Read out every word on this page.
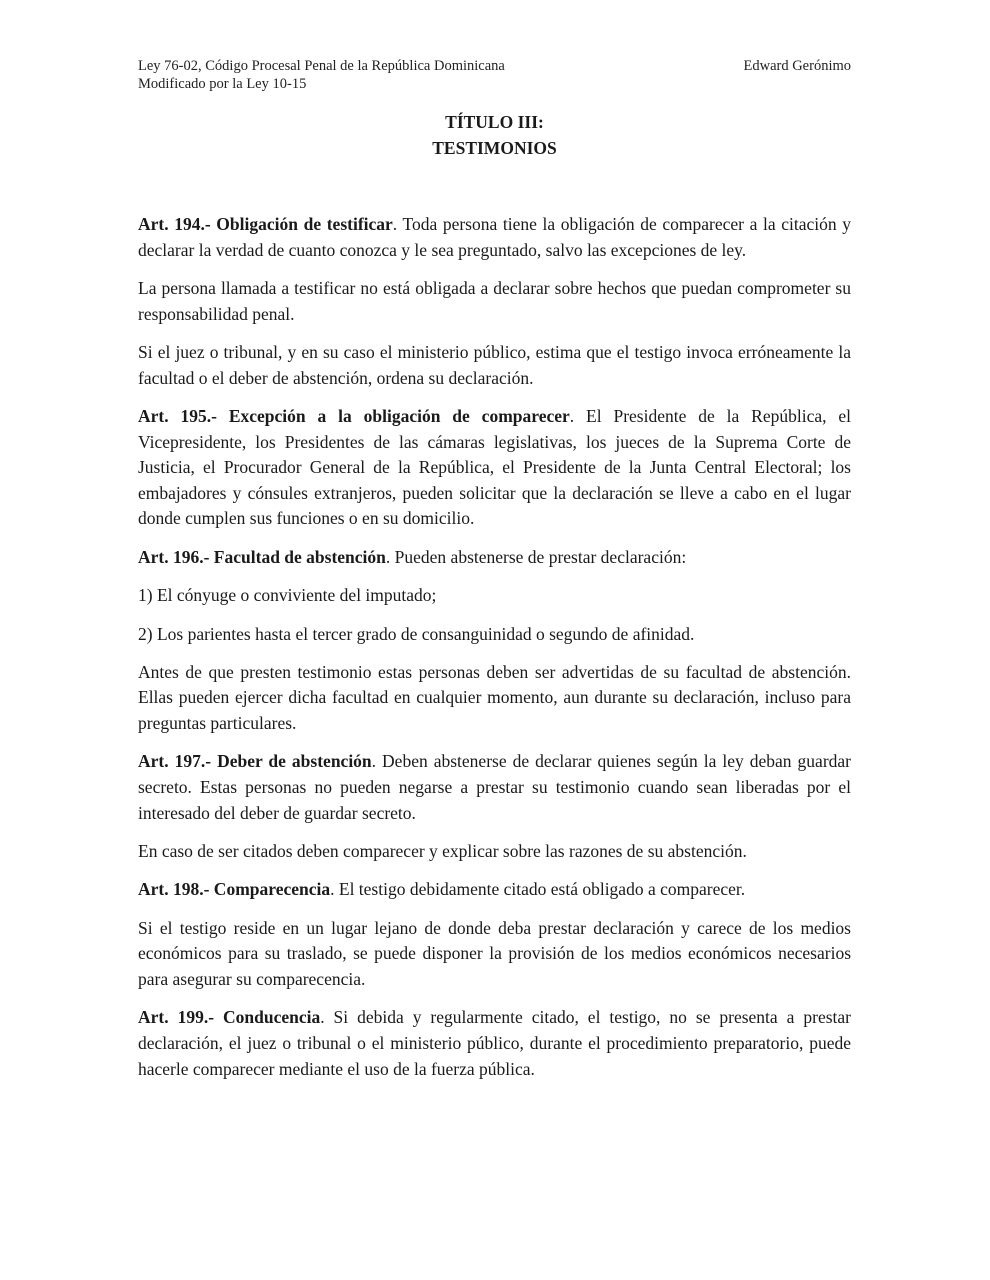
Ley 76-02, Código Procesal Penal de la República Dominicana	Edward Gerónimo
Modificado por la Ley 10-15
TÍTULO III:
TESTIMONIOS

Art. 194.- Obligación de testificar. Toda persona tiene la obligación de comparecer a la citación y declarar la verdad de cuanto conozca y le sea preguntado, salvo las excepciones de ley.

La persona llamada a testificar no está obligada a declarar sobre hechos que puedan comprometer su responsabilidad penal.

Si el juez o tribunal, y en su caso el ministerio público, estima que el testigo invoca erróneamente la facultad o el deber de abstención, ordena su declaración.

Art. 195.- Excepción a la obligación de comparecer. El Presidente de la República, el Vicepresidente, los Presidentes de las cámaras legislativas, los jueces de la Suprema Corte de Justicia, el Procurador General de la República, el Presidente de la Junta Central Electoral; los embajadores y cónsules extranjeros, pueden solicitar que la declaración se lleve a cabo en el lugar donde cumplen sus funciones o en su domicilio.

Art. 196.- Facultad de abstención. Pueden abstenerse de prestar declaración:

1) El cónyuge o conviviente del imputado;

2) Los parientes hasta el tercer grado de consanguinidad o segundo de afinidad.

Antes de que presten testimonio estas personas deben ser advertidas de su facultad de abstención. Ellas pueden ejercer dicha facultad en cualquier momento, aun durante su declaración, incluso para preguntas particulares.

Art. 197.- Deber de abstención. Deben abstenerse de declarar quienes según la ley deban guardar secreto. Estas personas no pueden negarse a prestar su testimonio cuando sean liberadas por el interesado del deber de guardar secreto.

En caso de ser citados deben comparecer y explicar sobre las razones de su abstención.

Art. 198.- Comparecencia. El testigo debidamente citado está obligado a comparecer.

Si el testigo reside en un lugar lejano de donde deba prestar declaración y carece de los medios económicos para su traslado, se puede disponer la provisión de los medios económicos necesarios para asegurar su comparecencia.

Art. 199.- Conducencia. Si debida y regularmente citado, el testigo, no se presenta a prestar declaración, el juez o tribunal o el ministerio público, durante el procedimiento preparatorio, puede hacerle comparecer mediante el uso de la fuerza pública.
